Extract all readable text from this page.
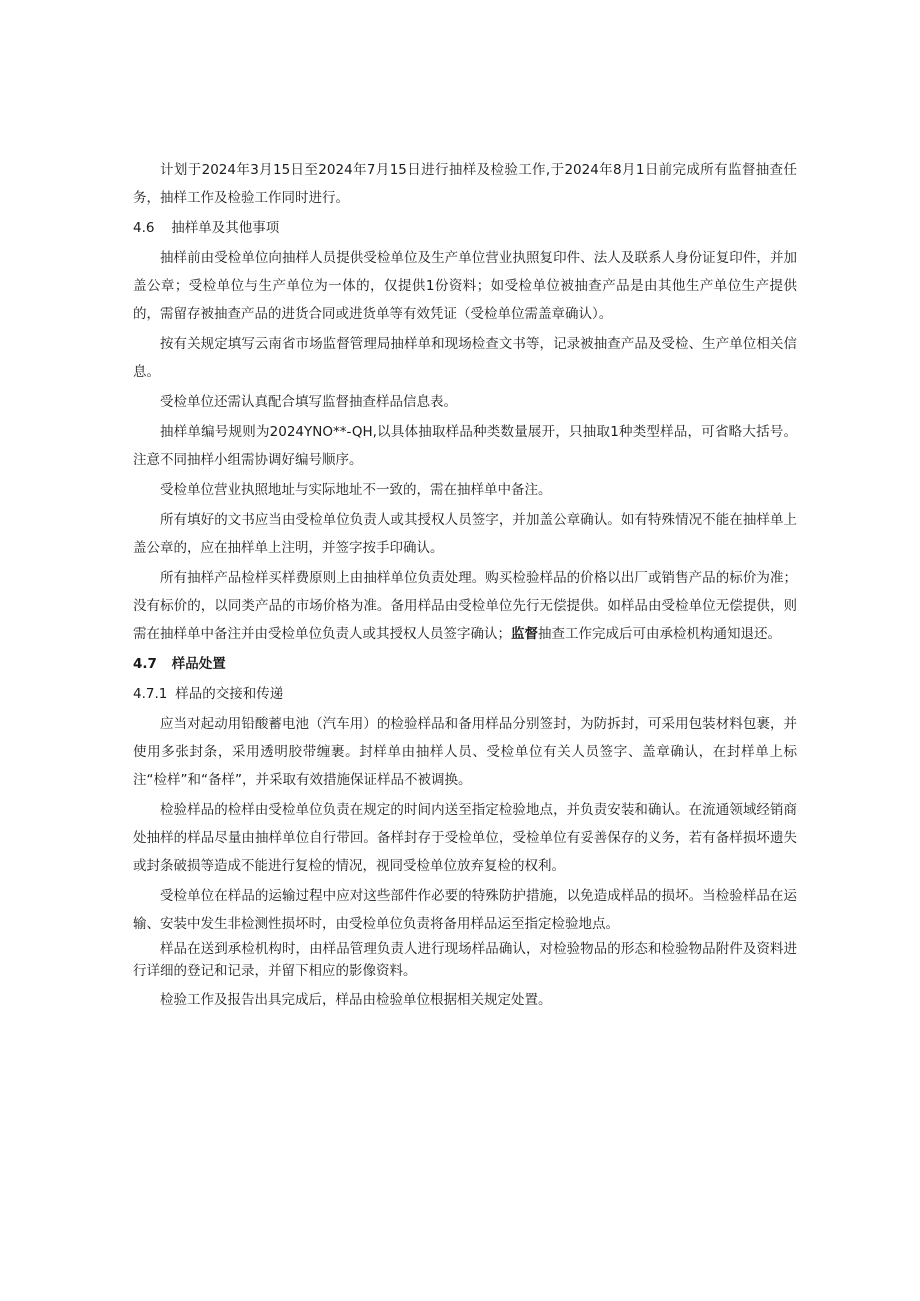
计划于2024年3月15日至2024年7月15日进行抽样及检验工作,于2024年8月1日前完成所有监督抽查任务，抽样工作及检验工作同时进行。

4.6 抽样单及其他事项

抽样前由受检单位向抽样人员提供受检单位及生产单位营业执照复印件、法人及联系人身份证复印件，并加盖公章；受检单位与生产单位为一体的，仅提供1份资料；如受检单位被抽查产品是由其他生产单位生产提供的，需留存被抽查产品的进货合同或进货单等有效凭证（受检单位需盖章确认）。

按有关规定填写云南省市场监督管理局抽样单和现场检查文书等，记录被抽查产品及受检、生产单位相关信息。

受检单位还需认真配合填写监督抽查样品信息表。

抽样单编号规则为2024YNO**-QH,以具体抽取样品种类数量展开，只抽取1种类型样品，可省略大括号。注意不同抽样小组需协调好编号顺序。

受检单位营业执照地址与实际地址不一致的，需在抽样单中备注。

所有填好的文书应当由受检单位负责人或其授权人员签字，并加盖公章确认。如有特殊情况不能在抽样单上盖公章的，应在抽样单上注明，并签字按手印确认。

所有抽样产品检样买样费原则上由抽样单位负责处理。购买检验样品的价格以出厂或销售产品的标价为准；没有标价的，以同类产品的市场价格为准。备用样品由受检单位先行无偿提供。如样品由受检单位无偿提供，则需在抽样单中备注并由受检单位负责人或其授权人员签字确认；监督抽查工作完成后可由承检机构通知退还。

4.7 样品处置
4.7.1 样品的交接和传递

应当对起动用铅酸蓄电池（汽车用）的检验样品和备用样品分别签封，为防拆封，可采用包装材料包裹，并使用多张封条，采用透明胶带缠裹。封样单由抽样人员、受检单位有关人员签字、盖章确认，在封样单上标注“检样”和“备样”，并采取有效措施保证样品不被调换。

检验样品的检样由受检单位负责在规定的时间内送至指定检验地点，并负责安装和确认。在流通领域经销商处抽样的样品尽量由抽样单位自行带回。备样封存于受检单位，受检单位有妥善保存的义务，若有备样损坏遗失或封条破损等造成不能进行复检的情况，视同受检单位放弃复检的权利。

受检单位在样品的运输过程中应对这些部件作必要的特殊防护措施，以免造成样品的损坏。当检验样品在运输、安装中发生非检测性损坏时，由受检单位负责将备用样品运至指定检验地点。

样品在送到承检机构时，由样品管理负责人进行现场样品确认，对检验物品的形态和检验物品附件及资料进行详细的登记和记录，并留下相应的影像资料。

检验工作及报告出具完成后，样品由检验单位根据相关规定处置。
